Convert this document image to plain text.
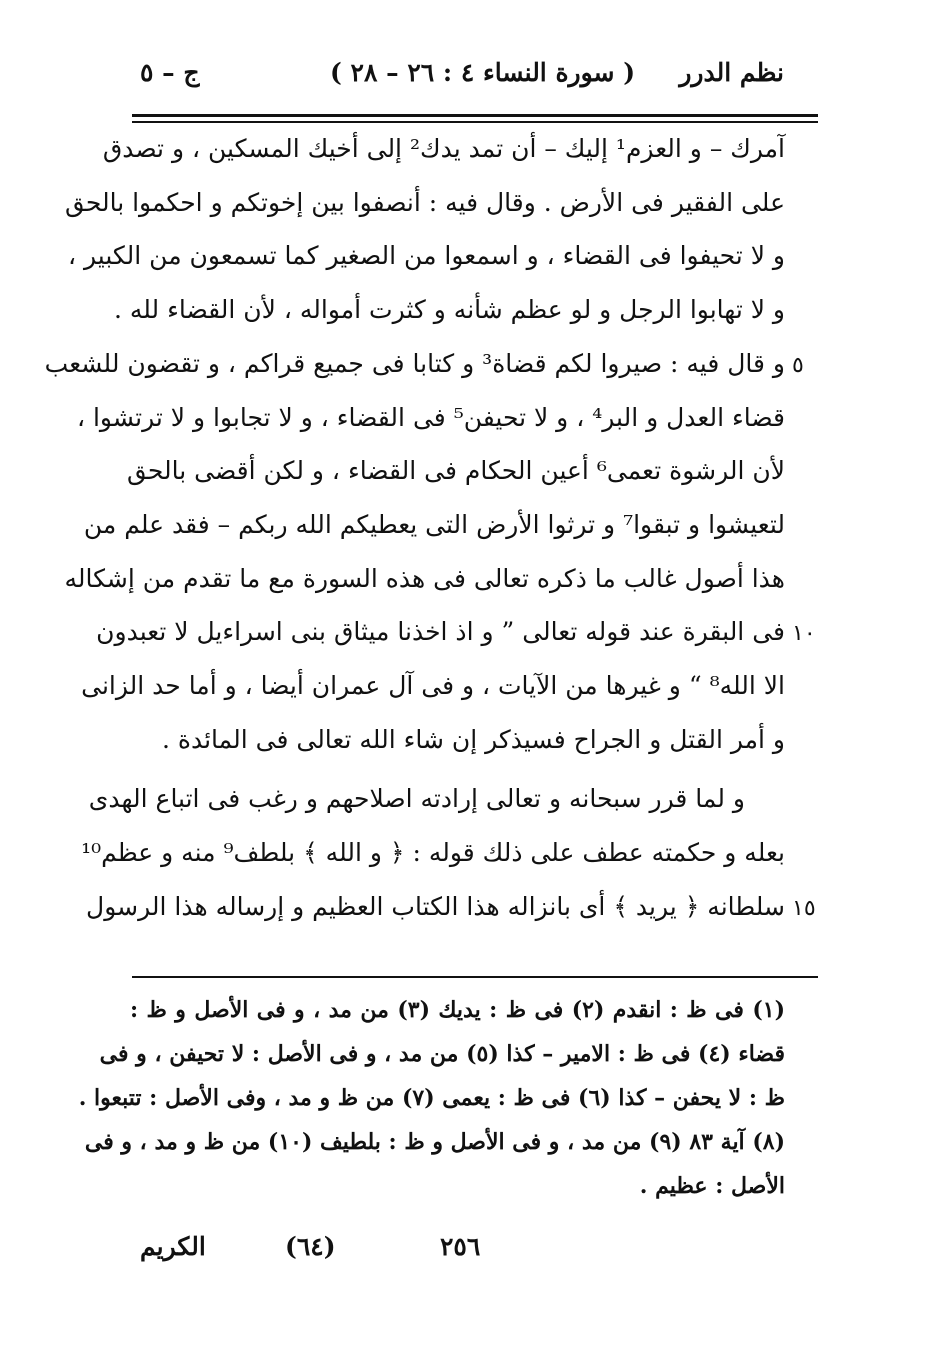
نظم الدرر
( سورة النساء ٤ : ٢٦ – ٢٨ )
ج – ٥
آمرك – و العزم¹ إليك – أن تمد يدك² إلى أخيك المسكين ، و تصدق
على الفقير فى الأرض . وقال فيه : أنصفوا بين إخوتكم و احكموا بالحق
و لا تحيفوا فى القضاء ، و اسمعوا من الصغير كما تسمعون من الكبير ،
و لا تهابوا الرجل و لو عظم شأنه و كثرت أمواله ، لأن القضاء لله .
و قال فيه : صيروا لكم قضاة³ و كتابا فى جميع قراكم ، و تقضون للشعب ٥
قضاء العدل و البر⁴ ، و لا تحيفن⁵ فى القضاء ، و لا تجابوا و لا ترتشوا ،
لأن الرشوة تعمى⁶ أعين الحكام فى القضاء ، و لكن أقضى بالحق
لتعيشوا و تبقوا⁷ و ترثوا الأرض التى يعطيكم الله ربكم – فقد علم من
هذا أصول غالب ما ذكره تعالى فى هذه السورة مع ما تقدم من إشكاله
فى البقرة عند قوله تعالى ” و اذ اخذنا ميثاق بنى اسراءيل لا تعبدون ١٠
الا الله⁸ “ و غيرها من الآيات ، و فى آل عمران أيضا ، و أما حد الزانى
و أمر القتل و الجراح فسيذكر إن شاء الله تعالى فى المائدة .
و لما قرر سبحانه و تعالى إرادته اصلاحهم و رغب فى اتباع الهدى
بعله و حكمته عطف على ذلك قوله : ﴿ و الله ﴾ بلطف⁹ منه و عظم¹⁰
سلطانه ﴿ يريد ﴾ أى بانزاله هذا الكتاب العظيم و إرساله هذا الرسول ١٥
(١) فى ظ : انقدم (٢) فى ظ : يديك (٣) من مد ، و فى الأصل و ظ :
قضاء (٤) فى ظ : الامير – كذا (٥) من مد ، و فى الأصل : لا تحيفن ، و فى
ظ : لا يحفن – كذا (٦) فى ظ : يعمى (٧) من ظ و مد ، وفى الأصل : تتبعوا .
(٨) آية ٨٣ (٩) من مد ، و فى الأصل و ظ : بلطيف (١٠) من ظ و مد ، و فى
الأصل : عظيم .
الكريم	(٦٤)	٢٥٦
